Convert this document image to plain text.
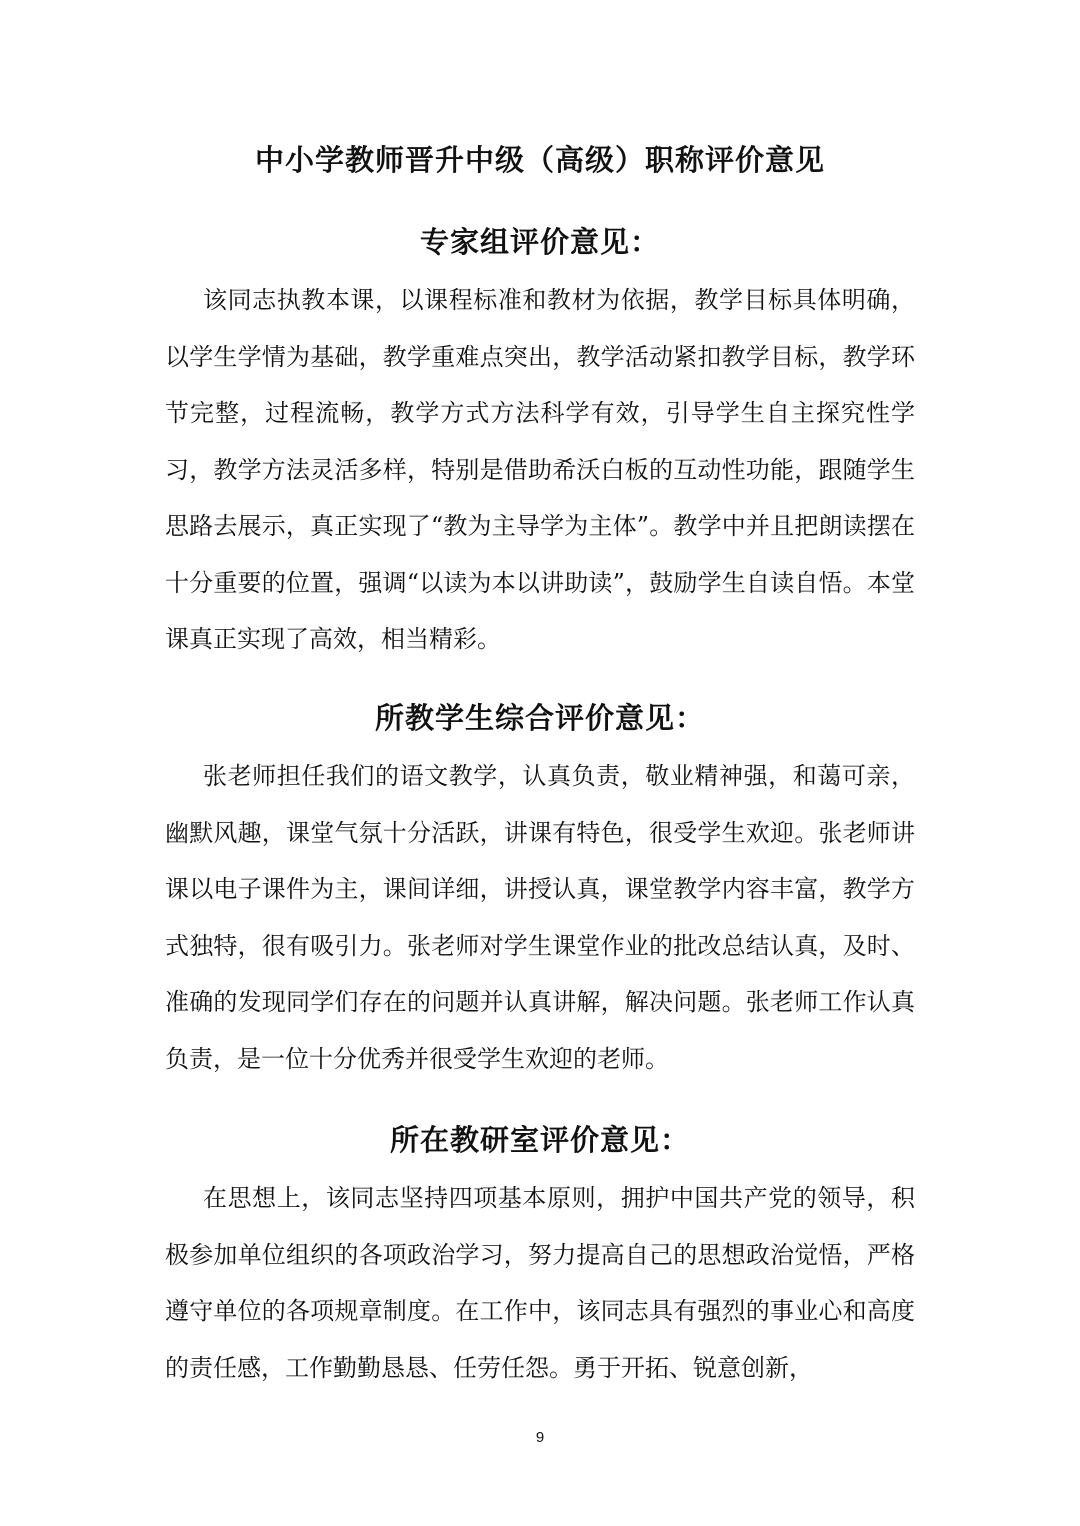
中小学教师晋升中级（高级）职称评价意见
专家组评价意见：

该同志执教本课，以课程标准和教材为依据，教学目标具体明确，以学生学情为基础，教学重难点突出，教学活动紧扣教学目标，教学环节完整，过程流畅，教学方式方法科学有效，引导学生自主探究性学习，教学方法灵活多样，特别是借助希沃白板的互动性功能，跟随学生思路去展示，真正实现了“教为主导学为主体”。教学中并且把朗读摆在十分重要的位置，强调“以读为本以讲助读”，鼓励学生自读自悟。本堂课真正实现了高效，相当精彩。

所教学生综合评价意见：

张老师担任我们的语文教学，认真负责，敬业精神强，和蔼可亲，幽默风趣，课堂气氛十分活跃，讲课有特色，很受学生欢迎。张老师讲课以电子课件为主，课间详细，讲授认真，课堂教学内容丰富，教学方式独特，很有吸引力。张老师对学生课堂作业的批改总结认真，及时、准确的发现同学们存在的问题并认真讲解，解决问题。张老师工作认真负责，是一位十分优秀并很受学生欢迎的老师。

所在教研室评价意见：

在思想上，该同志坚持四项基本原则，拥护中国共产党的领导，积极参加单位组织的各项政治学习，努力提高自己的思想政治觉悟，严格遵守单位的各项规章制度。在工作中，该同志具有强烈的事业心和高度的责任感，工作勤勤恳恳、任劳任怨。勇于开拓、锐意创新，

9
